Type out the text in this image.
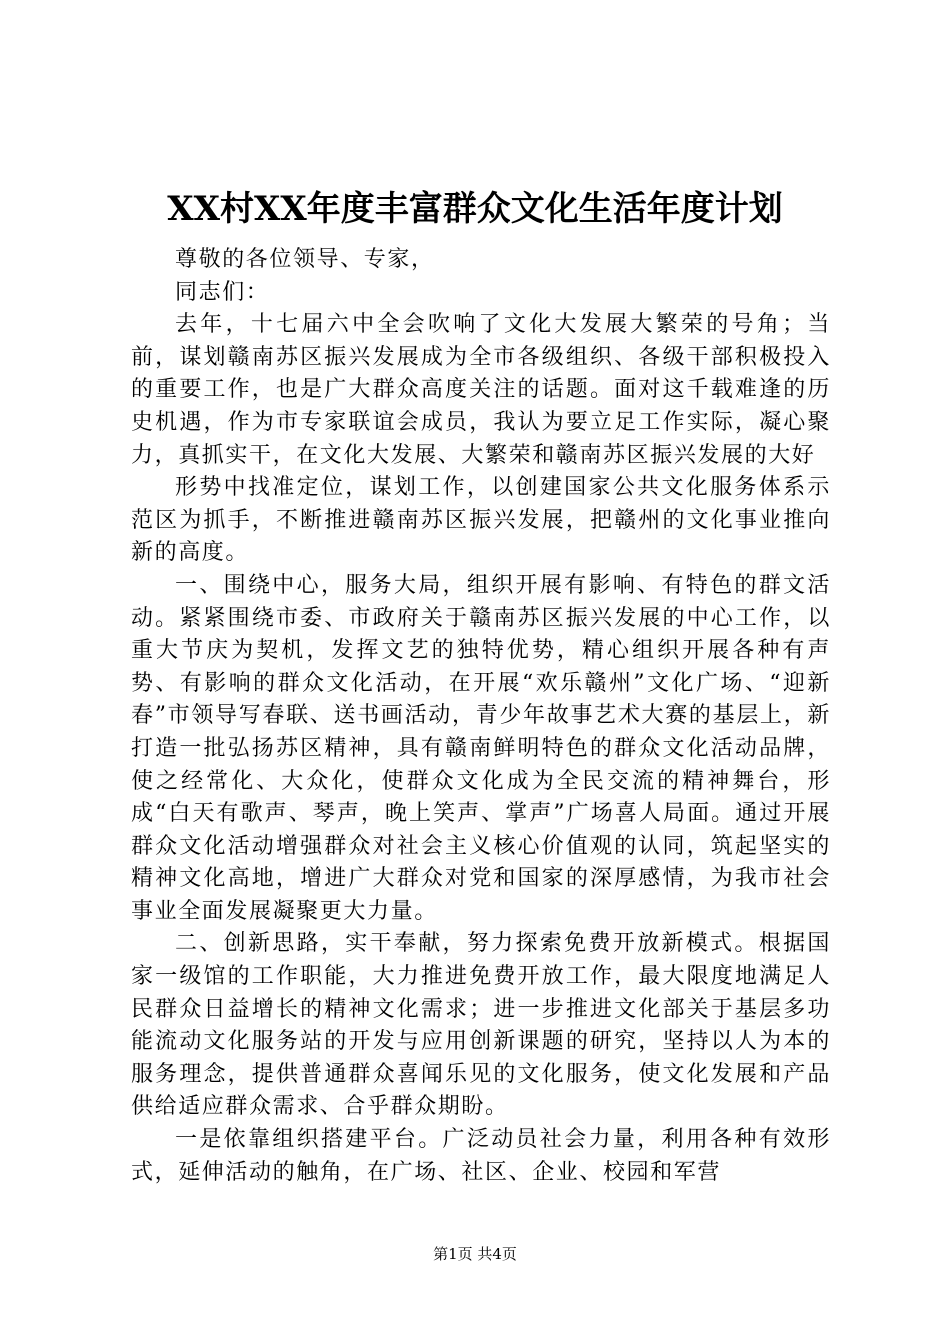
XX村XX年度丰富群众文化生活年度计划

尊敬的各位领导、专家，

同志们：

去年，十七届六中全会吹响了文化大发展大繁荣的号角；当前，谋划赣南苏区振兴发展成为全市各级组织、各级干部积极投入的重要工作，也是广大群众高度关注的话题。面对这千载难逢的历史机遇，作为市专家联谊会成员，我认为要立足工作实际，凝心聚力，真抓实干，在文化大发展、大繁荣和赣南苏区振兴发展的大好

形势中找准定位，谋划工作，以创建国家公共文化服务体系示范区为抓手，不断推进赣南苏区振兴发展，把赣州的文化事业推向新的高度。

一、围绕中心，服务大局，组织开展有影响、有特色的群文活动。紧紧围绕市委、市政府关于赣南苏区振兴发展的中心工作，以重大节庆为契机，发挥文艺的独特优势，精心组织开展各种有声势、有影响的群众文化活动，在开展“欢乐赣州”文化广场、“迎新春”市领导写春联、送书画活动，青少年故事艺术大赛的基层上，新打造一批弘扬苏区精神，具有赣南鲜明特色的群众文化活动品牌，使之经常化、大众化，使群众文化成为全民交流的精神舞台，形成“白天有歌声、琴声，晚上笑声、掌声”广场喜人局面。通过开展群众文化活动增强群众对社会主义核心价值观的认同，筑起坚实的精神文化高地，增进广大群众对党和国家的深厚感情，为我市社会事业全面发展凝聚更大力量。

二、创新思路，实干奉献，努力探索免费开放新模式。根据国家一级馆的工作职能，大力推进免费开放工作，最大限度地满足人民群众日益增长的精神文化需求；进一步推进文化部关于基层多功能流动文化服务站的开发与应用创新课题的研究，坚持以人为本的服务理念，提供普通群众喜闻乐见的文化服务，使文化发展和产品供给适应群众需求、合乎群众期盼。

一是依靠组织搭建平台。广泛动员社会力量，利用各种有效形式，延伸活动的触角，在广场、社区、企业、校园和军营

第1页 共4页
